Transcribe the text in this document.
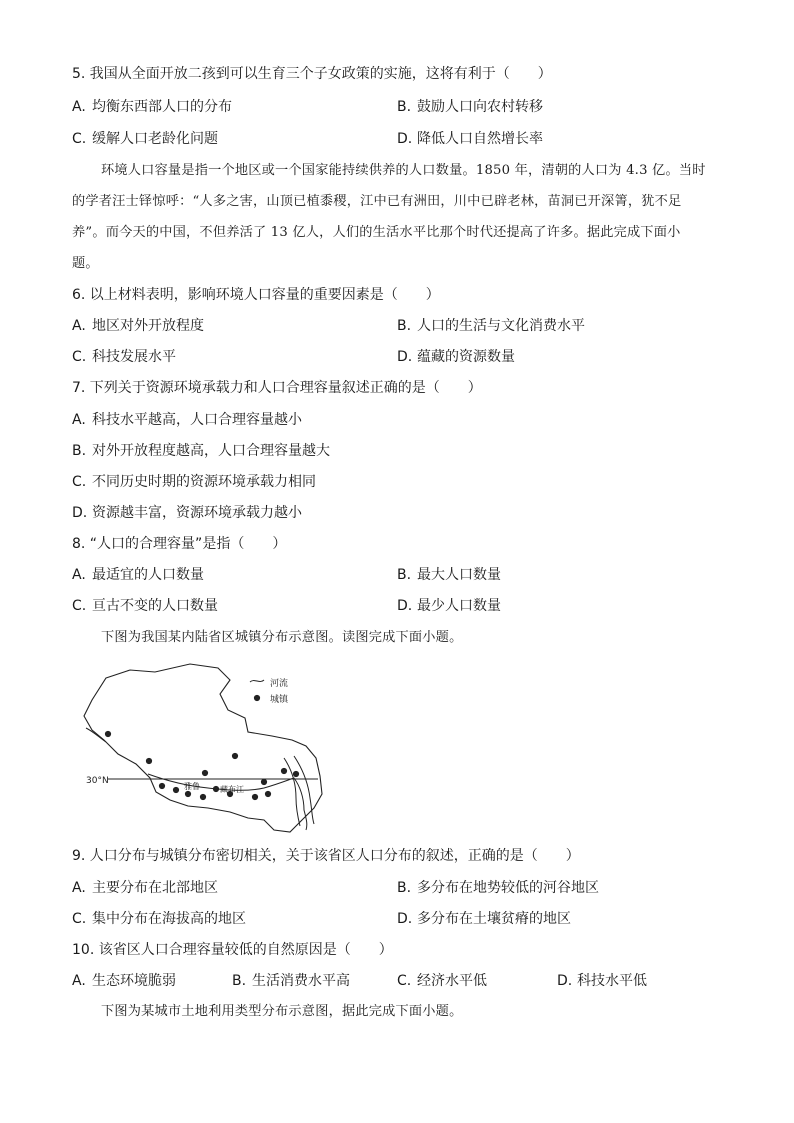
5. 我国从全面开放二孩到可以生育三个子女政策的实施，这将有利于（　　）
A. 均衡东西部人口的分布	B. 鼓励人口向农村转移
C. 缓解人口老龄化问题	D. 降低人口自然增长率
环境人口容量是指一个地区或一个国家能持续供养的人口数量。1850 年，清朝的人口为 4.3 亿。当时
的学者汪士铎惊呼：“人多之害，山顶已植黍稷，江中已有洲田，川中已辟老林，苗洞已开深箐，犹不足
养”。而今天的中国，不但养活了 13 亿人，人们的生活水平比那个时代还提高了许多。据此完成下面小
题。
6. 以上材料表明，影响环境人口容量的重要因素是（　　）
A. 地区对外开放程度	B. 人口的生活与文化消费水平
C. 科技发展水平	D. 蕴藏的资源数量
7. 下列关于资源环境承载力和人口合理容量叙述正确的是（　　）
A. 科技水平越高，人口合理容量越小
B. 对外开放程度越高，人口合理容量越大
C. 不同历史时期的资源环境承载力相同
D. 资源越丰富，资源环境承载力越小
8. “人口的合理容量”是指（　　）
A. 最适宜的人口数量	B. 最大人口数量
C. 亘古不变的人口数量	D. 最少人口数量
下图为我国某内陆省区城镇分布示意图。读图完成下面小题。
河流
城镇
30°N
雅鲁	藏布江
9. 人口分布与城镇分布密切相关，关于该省区人口分布的叙述，正确的是（　　）
A. 主要分布在北部地区	B. 多分布在地势较低的河谷地区
C. 集中分布在海拔高的地区	D. 多分布在土壤贫瘠的地区
10. 该省区人口合理容量较低的自然原因是（　　）
A. 生态环境脆弱	B. 生活消费水平高	C. 经济水平低	D. 科技水平低
下图为某城市土地利用类型分布示意图，据此完成下面小题。
